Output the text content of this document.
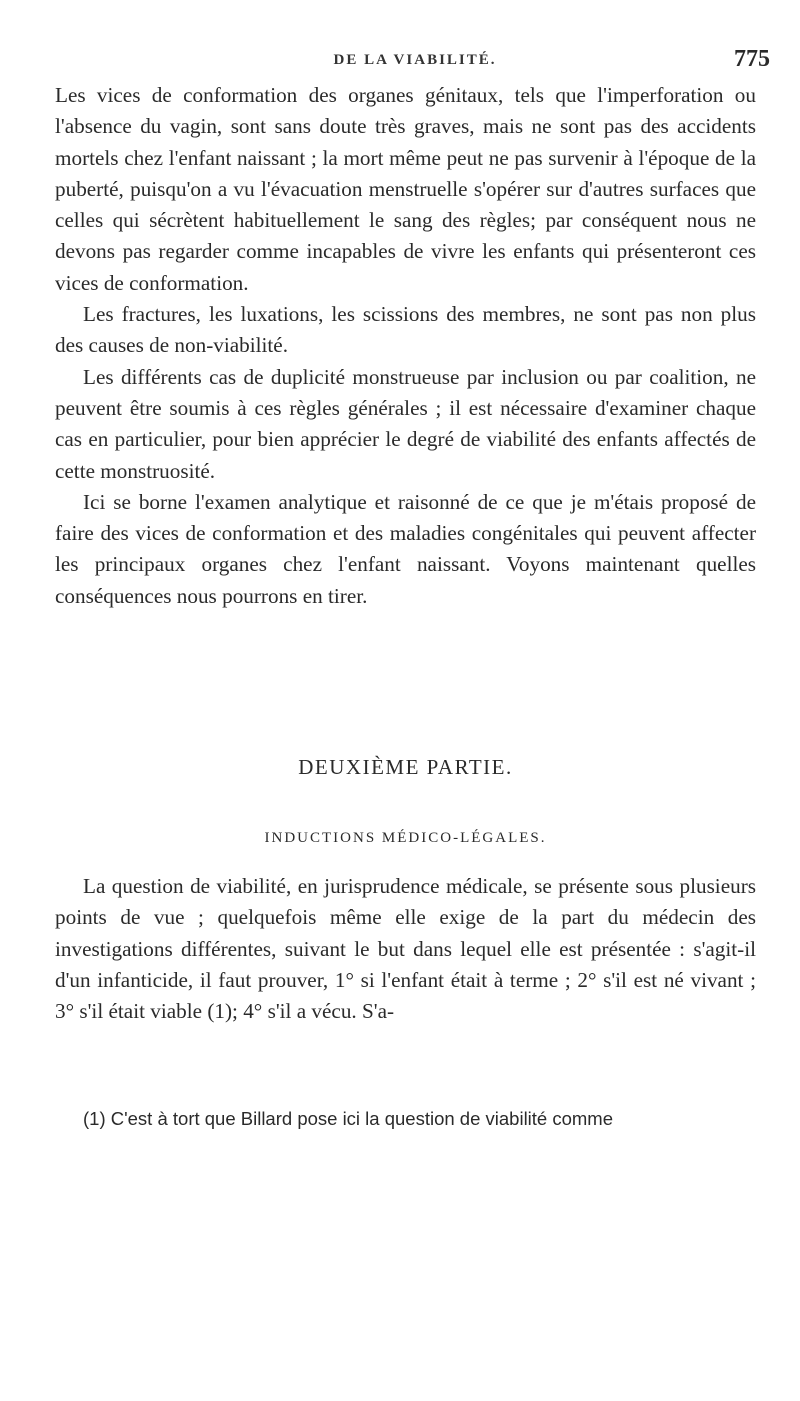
DE LA VIABILITÉ.	775

Les vices de conformation des organes génitaux, tels que l'imperforation ou l'absence du vagin, sont sans doute très graves, mais ne sont pas des accidents mortels chez l'enfant naissant ; la mort même peut ne pas survenir à l'époque de la puberté, puisqu'on a vu l'évacuation menstruelle s'opérer sur d'autres surfaces que celles qui sécrètent habituellement le sang des règles; par conséquent nous ne devons pas regarder comme incapables de vivre les enfants qui présenteront ces vices de conformation.

Les fractures, les luxations, les scissions des membres, ne sont pas non plus des causes de non-viabilité.

Les différents cas de duplicité monstrueuse par inclusion ou par coalition, ne peuvent être soumis à ces règles générales ; il est nécessaire d'examiner chaque cas en particulier, pour bien apprécier le degré de viabilité des enfants affectés de cette monstruosité.

Ici se borne l'examen analytique et raisonné de ce que je m'étais proposé de faire des vices de conformation et des maladies congénitales qui peuvent affecter les principaux organes chez l'enfant naissant. Voyons maintenant quelles conséquences nous pourrons en tirer.

DEUXIÈME PARTIE.
INDUCTIONS MÉDICO-LÉGALES.

La question de viabilité, en jurisprudence médicale, se présente sous plusieurs points de vue ; quelquefois même elle exige de la part du médecin des investigations différentes, suivant le but dans lequel elle est présentée : s'agit-il d'un infanticide, il faut prouver, 1° si l'enfant était à terme ; 2° s'il est né vivant ; 3° s'il était viable (1); 4° s'il a vécu. S'a-

(1) C'est à tort que Billard pose ici la question de viabilité comme
